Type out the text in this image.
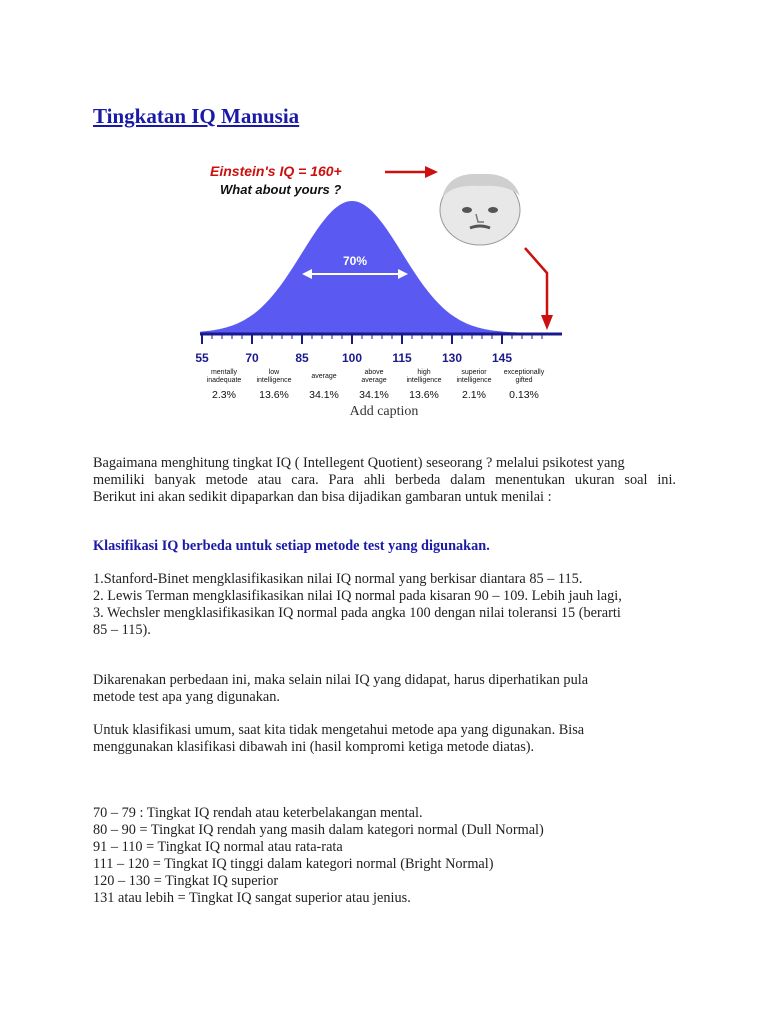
Tingkatan IQ Manusia
Einstein's IQ = 160+
What about yours ?
70%
55	70	85	100	115	130 145
mentally
inadequate
2.3%
low
intelligence
13.6%
average
34.1%
above
average
34.1%
high
intelligence
13.6%
superior
intelligence
2.1%
exceptionally
gifted
0.13%
Add caption
Bagaimana menghitung tingkat IQ ( Intellegent Quotient) seseorang ? melalui psikotest yang
memiliki banyak metode atau cara. Para ahli berbeda dalam menentukan ukuran soal ini.
Berikut ini akan sedikit dipaparkan dan bisa dijadikan gambaran untuk menilai :
Klasifikasi IQ berbeda untuk setiap metode test yang digunakan.
1.Stanford-Binet mengklasifikasikan nilai IQ normal yang berkisar diantara 85 – 115.
2. Lewis Terman mengklasifikasikan nilai IQ normal pada kisaran 90 – 109. Lebih jauh lagi,
3. Wechsler mengklasifikasikan IQ normal pada angka 100 dengan nilai toleransi 15 (berarti
85 – 115).
Dikarenakan perbedaan ini, maka selain nilai IQ yang didapat, harus diperhatikan pula
metode test apa yang digunakan.
Untuk klasifikasi umum, saat kita tidak mengetahui metode apa yang digunakan. Bisa
menggunakan klasifikasi dibawah ini (hasil kompromi ketiga metode diatas).
70 – 79 : Tingkat IQ rendah atau keterbelakangan mental.
80 – 90 = Tingkat IQ rendah yang masih dalam kategori normal (Dull Normal)
91 – 110 = Tingkat IQ normal atau rata-rata
111 – 120 = Tingkat IQ tinggi dalam kategori normal (Bright Normal)
120 – 130 = Tingkat IQ superior
131 atau lebih = Tingkat IQ sangat superior atau jenius.
